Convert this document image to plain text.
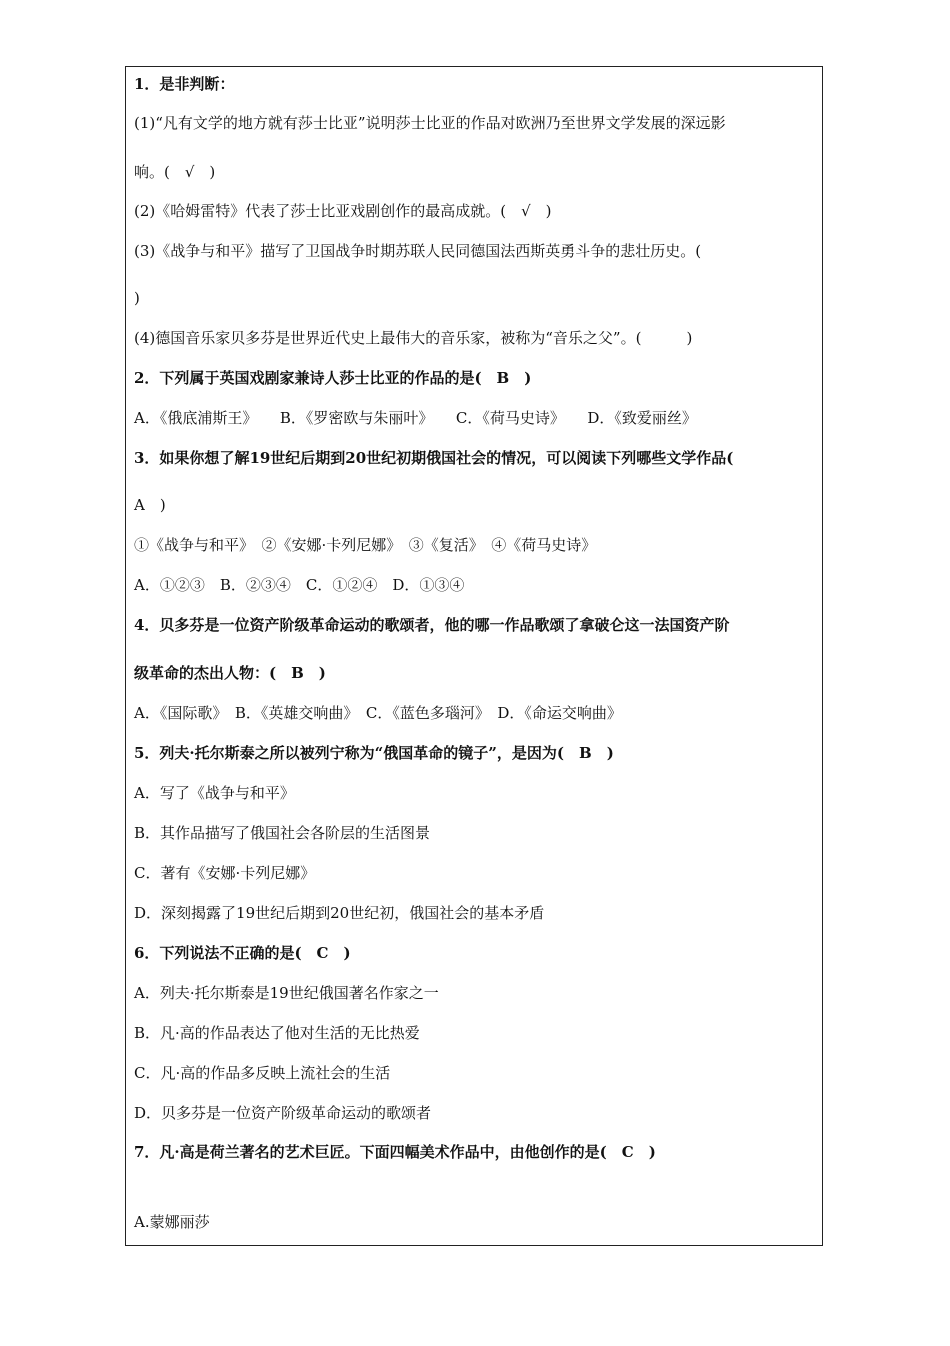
1．是非判断：
(1)“凡有文学的地方就有莎士比亚”说明莎士比亚的作品对欧洲乃至世界文学发展的深远影
响。(　√　)
(2)《哈姆雷特》代表了莎士比亚戏剧创作的最高成就。(　√　)
(3)《战争与和平》描写了卫国战争时期苏联人民同德国法西斯英勇斗争的悲壮历史。(
)
(4)德国音乐家贝多芬是世界近代史上最伟大的音乐家，被称为“音乐之父”。(　　　)
2．下列属于英国戏剧家兼诗人莎士比亚的作品的是(　B　)
A．《俄底浦斯王》　　B．《罗密欧与朱丽叶》　　C．《荷马史诗》　　D．《致爱丽丝》
3．如果你想了解19世纪后期到20世纪初期俄国社会的情况，可以阅读下列哪些文学作品(
A　)
①《战争与和平》　②《安娜·卡列尼娜》　③《复活》　④《荷马史诗》
A．①②③　B．②③④　C．①②④　D．①③④
4．贝多芬是一位资产阶级革命运动的歌颂者，他的哪一作品歌颂了拿破仑这一法国资产阶
级革命的杰出人物：(　B　)
A．《国际歌》　B．《英雄交响曲》　C．《蓝色多瑙河》　D．《命运交响曲》
5．列夫·托尔斯泰之所以被列宁称为“俄国革命的镜子”，是因为(　B　)
A．写了《战争与和平》
B．其作品描写了俄国社会各阶层的生活图景
C．著有《安娜·卡列尼娜》
D．深刻揭露了19世纪后期到20世纪初，俄国社会的基本矛盾
6．下列说法不正确的是(　C　)
A．列夫·托尔斯泰是19世纪俄国著名作家之一
B．凡·高的作品表达了他对生活的无比热爱
C．凡·高的作品多反映上流社会的生活
D．贝多芬是一位资产阶级革命运动的歌颂者
7．凡·高是荷兰著名的艺术巨匠。下面四幅美术作品中，由他创作的是(　C　)
A.蒙娜丽莎
